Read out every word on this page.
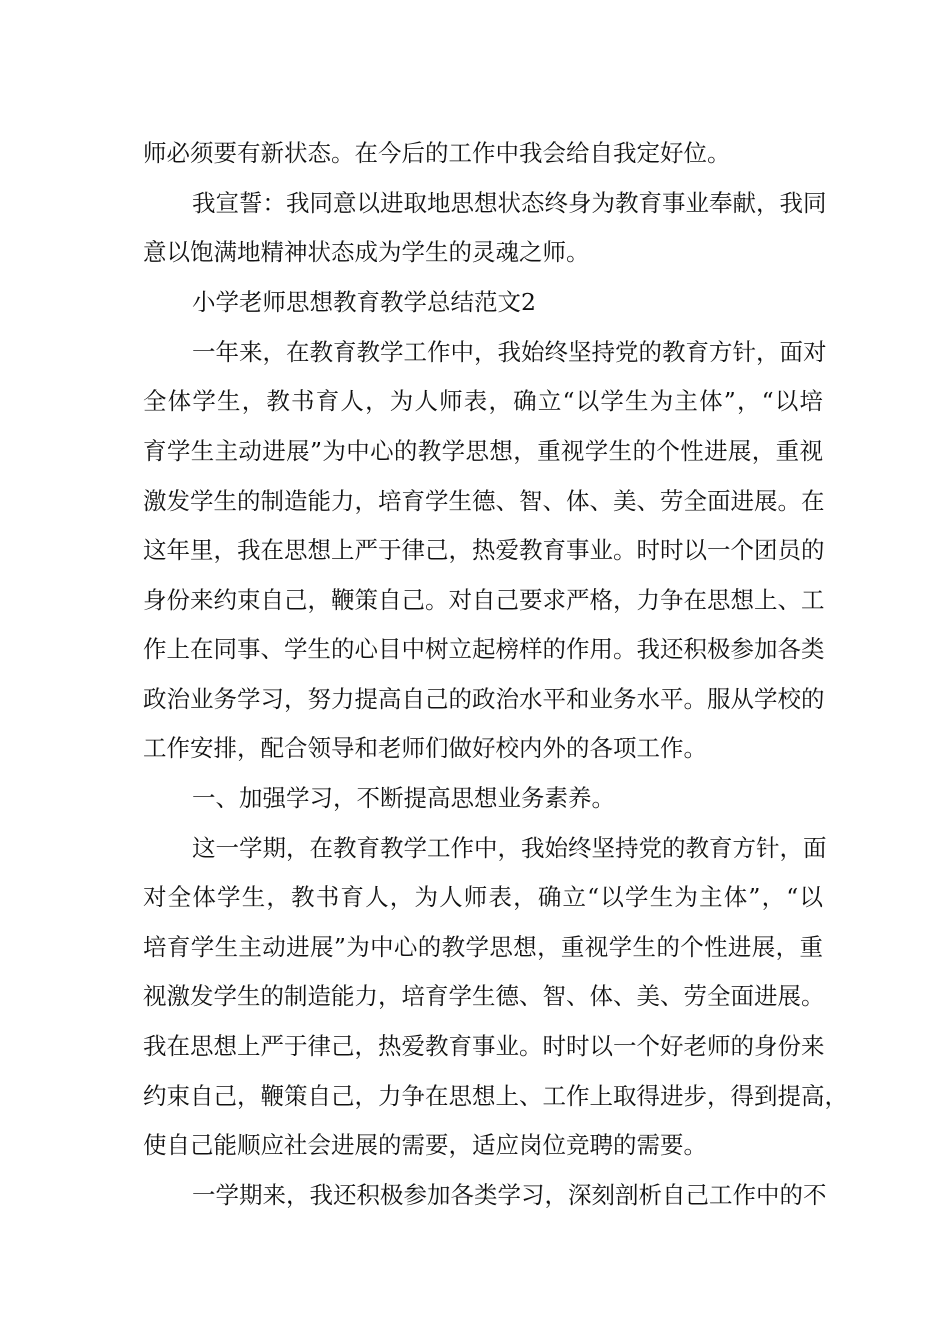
师必须要有新状态。在今后的工作中我会给自我定好位。
我宣誓：我同意以进取地思想状态终身为教育事业奉献，我同
意以饱满地精神状态成为学生的灵魂之师。
小学老师思想教育教学总结范文2
一年来，在教育教学工作中，我始终坚持党的教育方针，面对
全体学生，教书育人，为人师表，确立“以学生为主体”，“以培
育学生主动进展”为中心的教学思想，重视学生的个性进展，重视
激发学生的制造能力，培育学生德、智、体、美、劳全面进展。在
这年里，我在思想上严于律己，热爱教育事业。时时以一个团员的
身份来约束自己，鞭策自己。对自己要求严格，力争在思想上、工
作上在同事、学生的心目中树立起榜样的作用。我还积极参加各类
政治业务学习，努力提高自己的政治水平和业务水平。服从学校的
工作安排，配合领导和老师们做好校内外的各项工作。
一、加强学习，不断提高思想业务素养。
这一学期，在教育教学工作中，我始终坚持党的教育方针，面
对全体学生，教书育人，为人师表，确立“以学生为主体”，“以
培育学生主动进展”为中心的教学思想，重视学生的个性进展，重
视激发学生的制造能力，培育学生德、智、体、美、劳全面进展。
我在思想上严于律己，热爱教育事业。时时以一个好老师的身份来
约束自己，鞭策自己，力争在思想上、工作上取得进步，得到提高，
使自己能顺应社会进展的需要，适应岗位竞聘的需要。
一学期来，我还积极参加各类学习，深刻剖析自己工作中的不
